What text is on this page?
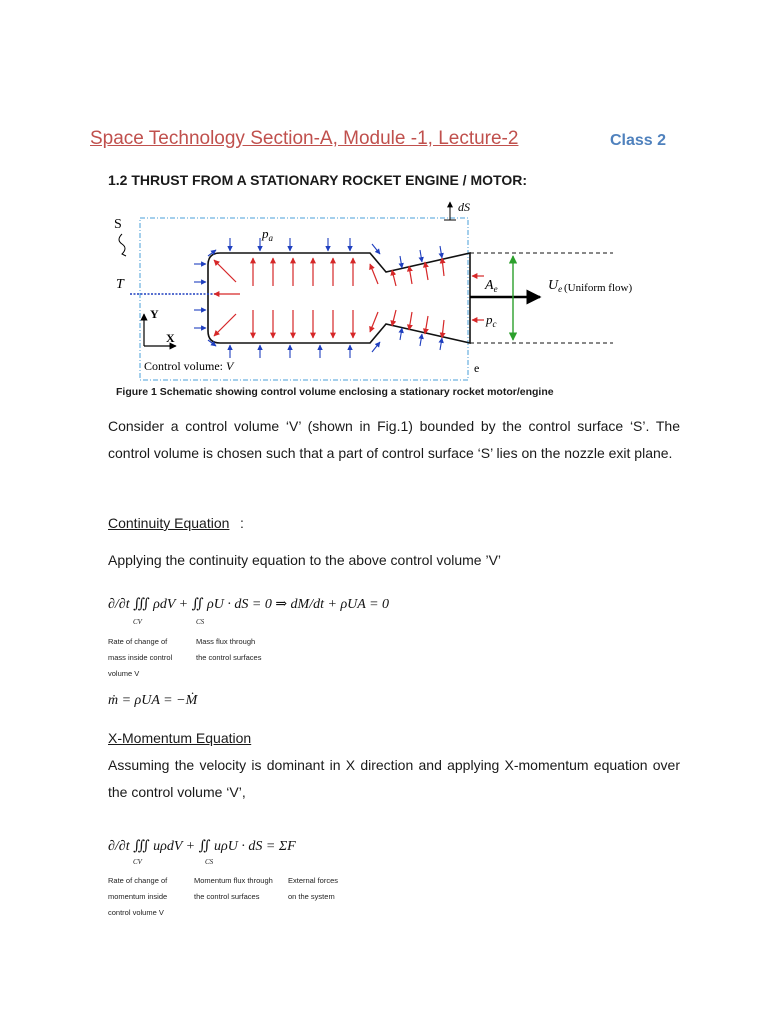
Space Technology Section-A, Module -1, Lecture-2	Class 2
1.2 THRUST FROM A STATIONARY ROCKET ENGINE / MOTOR:
S
T
$p_a$
dS
$A_e$	$U_e$ (Uniform flow)
$p_c$
Y
X
Control volume: V	e
Figure 1 Schematic showing control volume enclosing a stationary rocket motor/engine
Consider a control volume ‘V’ (shown in Fig.1) bounded by the control surface ‘S’. The control volume is chosen such that a part of control surface ‘S’ lies on the nozzle exit plane.
Continuity Equation :
Applying the continuity equation to the above control volume ’V’
∂/∂t ∭ ρdV + ∬ ρU · dS = 0 ⇒ dM/dt + ρUA = 0
CV	CS
Rate of change of
mass inside control
volume V
Mass flux through
the control surfaces
ṁ = ρUA = −Ṁ
X-Momentum Equation
Assuming the velocity is dominant in X direction and applying X-momentum equation over the control volume ‘V’,
∂/∂t ∭ uρdV + ∬ uρU · dS = ΣF
CV	CS
Rate of change of
momentum inside
control volume V
Momentum flux through
the control surfaces
External forces
on the system
